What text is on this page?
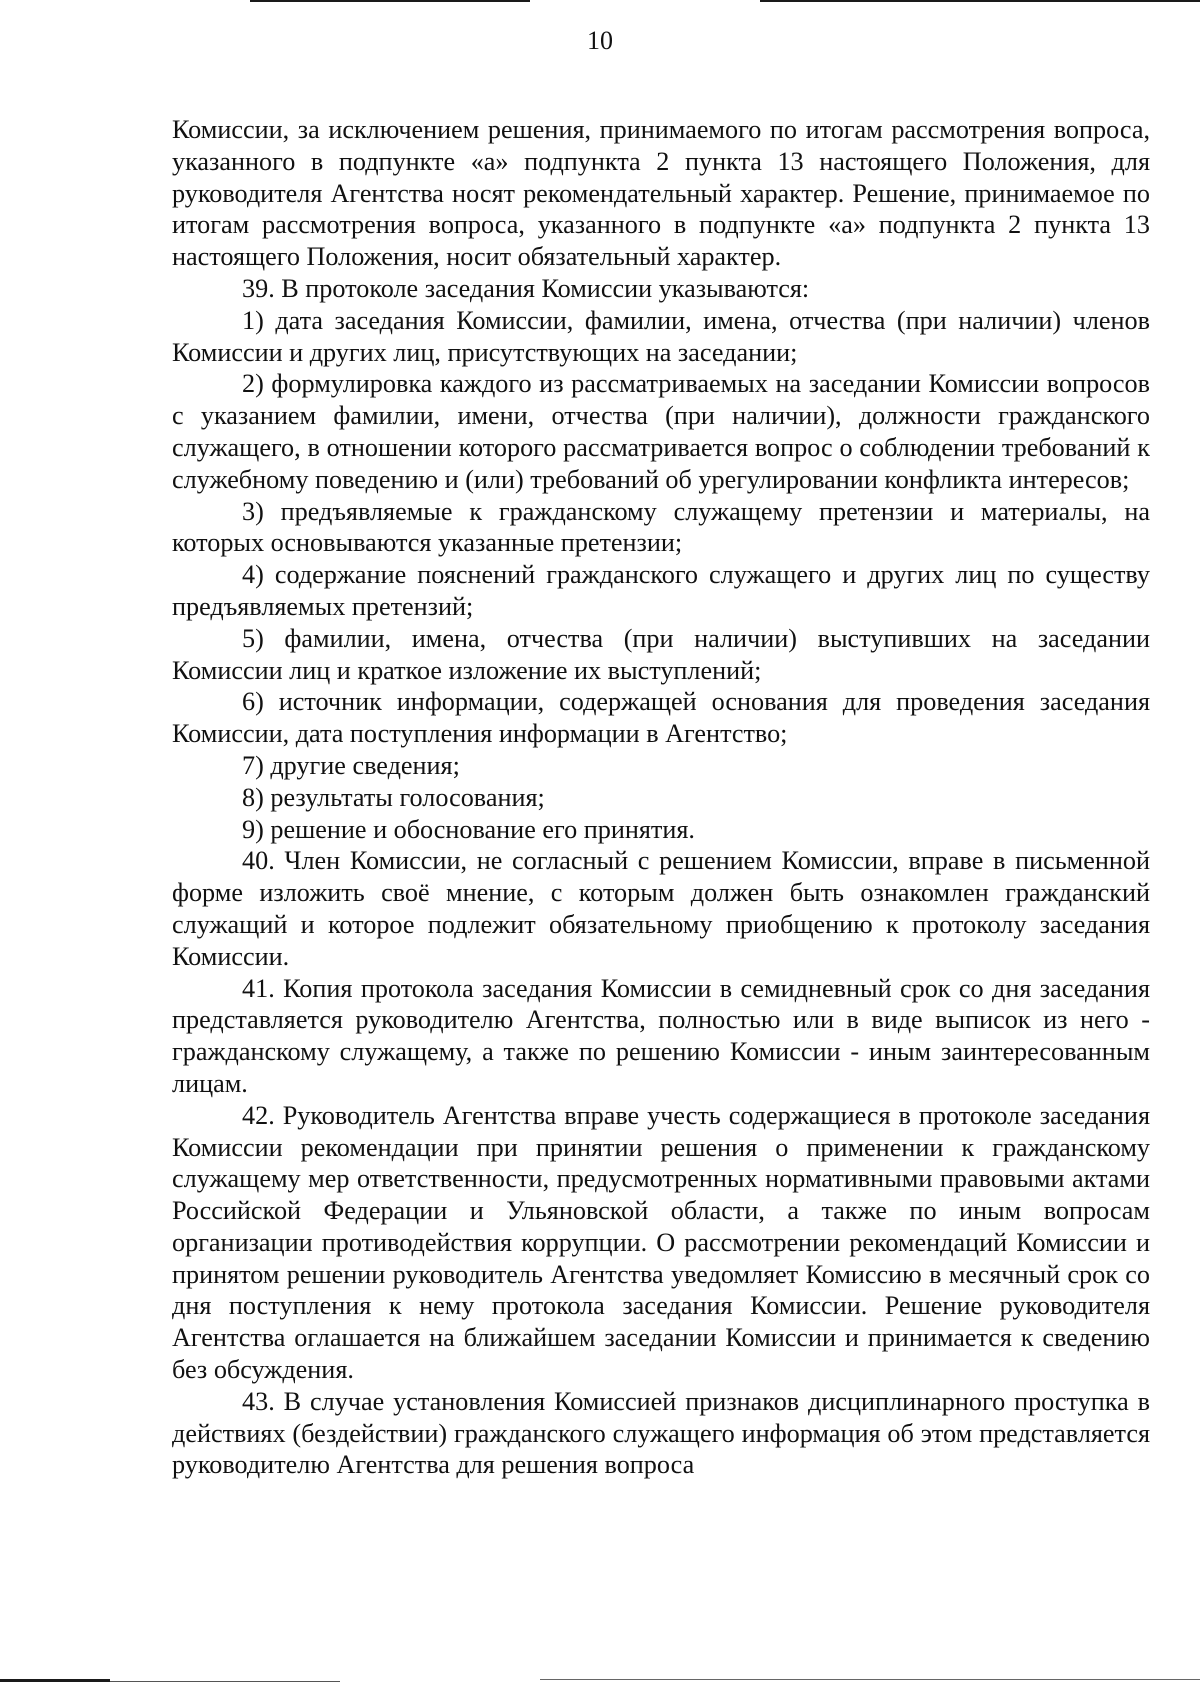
10

Комиссии, за исключением решения, принимаемого по итогам рассмотрения вопроса, указанного в подпункте «а» подпункта 2 пункта 13 настоящего Положения, для руководителя Агентства носят рекомендательный характер. Решение, принимаемое по итогам рассмотрения вопроса, указанного в подпункте «а» подпункта 2 пункта 13 настоящего Положения, носит обязательный характер.

39. В протоколе заседания Комиссии указываются:

1) дата заседания Комиссии, фамилии, имена, отчества (при наличии) членов Комиссии и других лиц, присутствующих на заседании;

2) формулировка каждого из рассматриваемых на заседании Комиссии вопросов с указанием фамилии, имени, отчества (при наличии), должности гражданского служащего, в отношении которого рассматривается вопрос о соблюдении требований к служебному поведению и (или) требований об урегулировании конфликта интересов;

3) предъявляемые к гражданскому служащему претензии и материалы, на которых основываются указанные претензии;

4) содержание пояснений гражданского служащего и других лиц по существу предъявляемых претензий;

5) фамилии, имена, отчества (при наличии) выступивших на заседании Комиссии лиц и краткое изложение их выступлений;

6) источник информации, содержащей основания для проведения заседания Комиссии, дата поступления информации в Агентство;

7) другие сведения;

8) результаты голосования;

9) решение и обоснование его принятия.

40. Член Комиссии, не согласный с решением Комиссии, вправе в письменной форме изложить своё мнение, с которым должен быть ознакомлен гражданский служащий и которое подлежит обязательному приобщению к протоколу заседания Комиссии.

41. Копия протокола заседания Комиссии в семидневный срок со дня заседания представляется руководителю Агентства, полностью или в виде выписок из него - гражданскому служащему, а также по решению Комиссии - иным заинтересованным лицам.

42. Руководитель Агентства вправе учесть содержащиеся в протоколе заседания Комиссии рекомендации при принятии решения о применении к гражданскому служащему мер ответственности, предусмотренных нормативными правовыми актами Российской Федерации и Ульяновской области, а также по иным вопросам организации противодействия коррупции. О рассмотрении рекомендаций Комиссии и принятом решении руководитель Агентства уведомляет Комиссию в месячный срок со дня поступления к нему протокола заседания Комиссии. Решение руководителя Агентства оглашается на ближайшем заседании Комиссии и принимается к сведению без обсуждения.

43. В случае установления Комиссией признаков дисциплинарного проступка в действиях (бездействии) гражданского служащего информация об этом представляется руководителю Агентства для решения вопроса
